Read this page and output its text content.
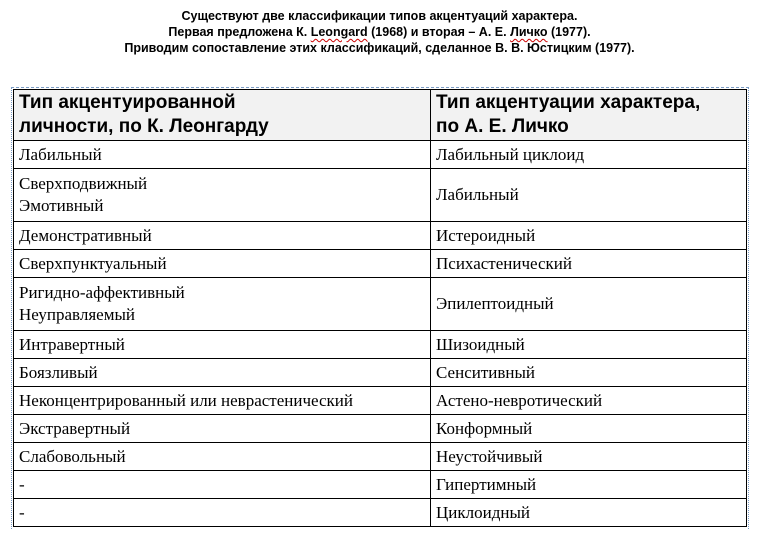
Существуют две классификации типов акцентуаций характера.
Первая предложена К. Leongard (1968) и вторая – А. Е. Личко (1977).
Приводим сопоставление этих классификаций, сделанное В. В. Юстицким (1977).
Тип акцентуированной
личности, по К. Леонгарду	Тип акцентуации характера,
по А. Е. Личко

Лабильный	Лабильный циклоид

Сверхподвижный
Эмотивный	Лабильный

Демонстративный	Истероидный

Сверхпунктуальный	Психастенический

Ригидно-аффективный
Неуправляемый	Эпилептоидный

Интравертный	Шизоидный

Боязливый	Сенситивный

Неконцентрированный или неврастенический	Астено-невротический

Экстравертный	Конформный

Слабовольный	Неустойчивый

-	Гипертимный

-	Циклоидный
